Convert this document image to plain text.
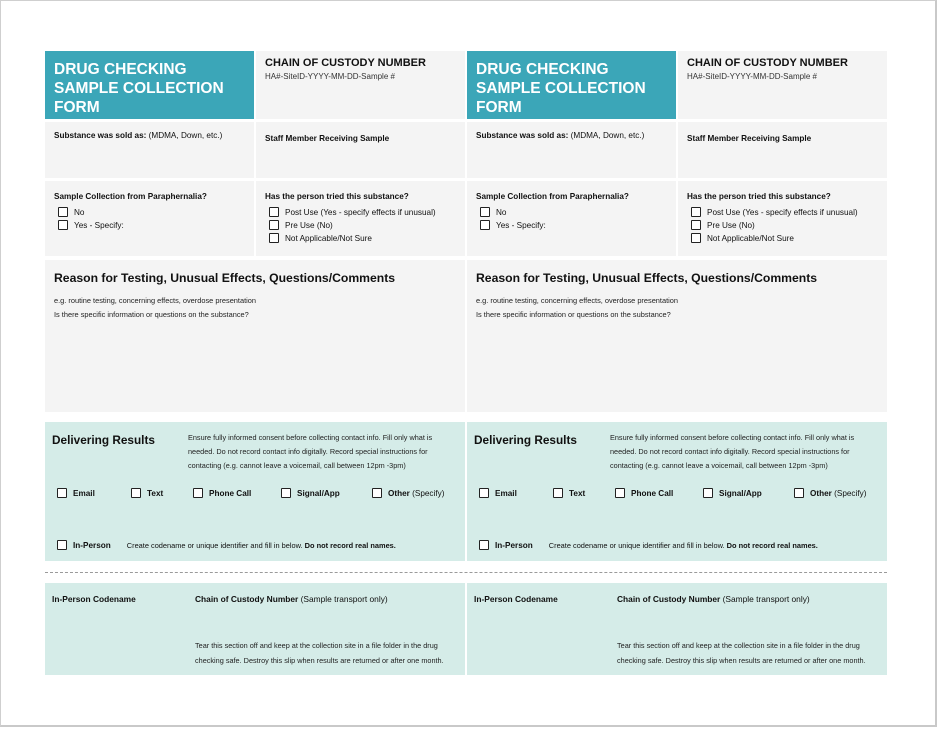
DRUG CHECKING SAMPLE COLLECTION FORM
CHAIN OF CUSTODY NUMBER
HA#-SiteID-YYYY-MM-DD-Sample #
Substance was sold as: (MDMA, Down, etc.)	Staff Member Receiving Sample
Sample Collection from Paraphernalia?
No
Yes - Specify:
Has the person tried this substance?
Post Use (Yes - specify effects if unusual)
Pre Use (No)
Not Applicable/Not Sure
Reason for Testing, Unusual Effects, Questions/Comments
e.g. routine testing, concerning effects, overdose presentation
Is there specific information or questions on the substance?
Delivering Results	Ensure fully informed consent before collecting contact info. Fill only what is needed. Do not record contact info digitally. Record special instructions for contacting (e.g. cannot leave a voicemail, call between 12pm -3pm)
Email	Text	Phone Call	Signal/App	Other
(Specify)
In-Person Create codename or unique identifier and fill in below. Do not record real names.
In-Person Codename	Chain of Custody Number (Sample transport only)
Tear this section off and keep at the collection site in a file folder in the drug checking safe. Destroy this slip when results are returned or after one month.
DRUG CHECKING SAMPLE COLLECTION FORM
CHAIN OF CUSTODY NUMBER
HA#-SiteID-YYYY-MM-DD-Sample #
Substance was sold as: (MDMA, Down, etc.)	Staff Member Receiving Sample
Sample Collection from Paraphernalia?
No
Yes - Specify:
Has the person tried this substance?
Post Use (Yes - specify effects if unusual)
Pre Use (No)
Not Applicable/Not Sure
Reason for Testing, Unusual Effects, Questions/Comments
e.g. routine testing, concerning effects, overdose presentation
Is there specific information or questions on the substance?
Delivering Results	Ensure fully informed consent before collecting contact info. Fill only what is needed. Do not record contact info digitally. Record special instructions for contacting (e.g. cannot leave a voicemail, call between 12pm -3pm)
Email	Text	Phone Call	Signal/App	Other
(Specify)
In-Person Create codename or unique identifier and fill in below. Do not record real names.
In-Person Codename	Chain of Custody Number (Sample transport only)
Tear this section off and keep at the collection site in a file folder in the drug checking safe. Destroy this slip when results are returned or after one month.
